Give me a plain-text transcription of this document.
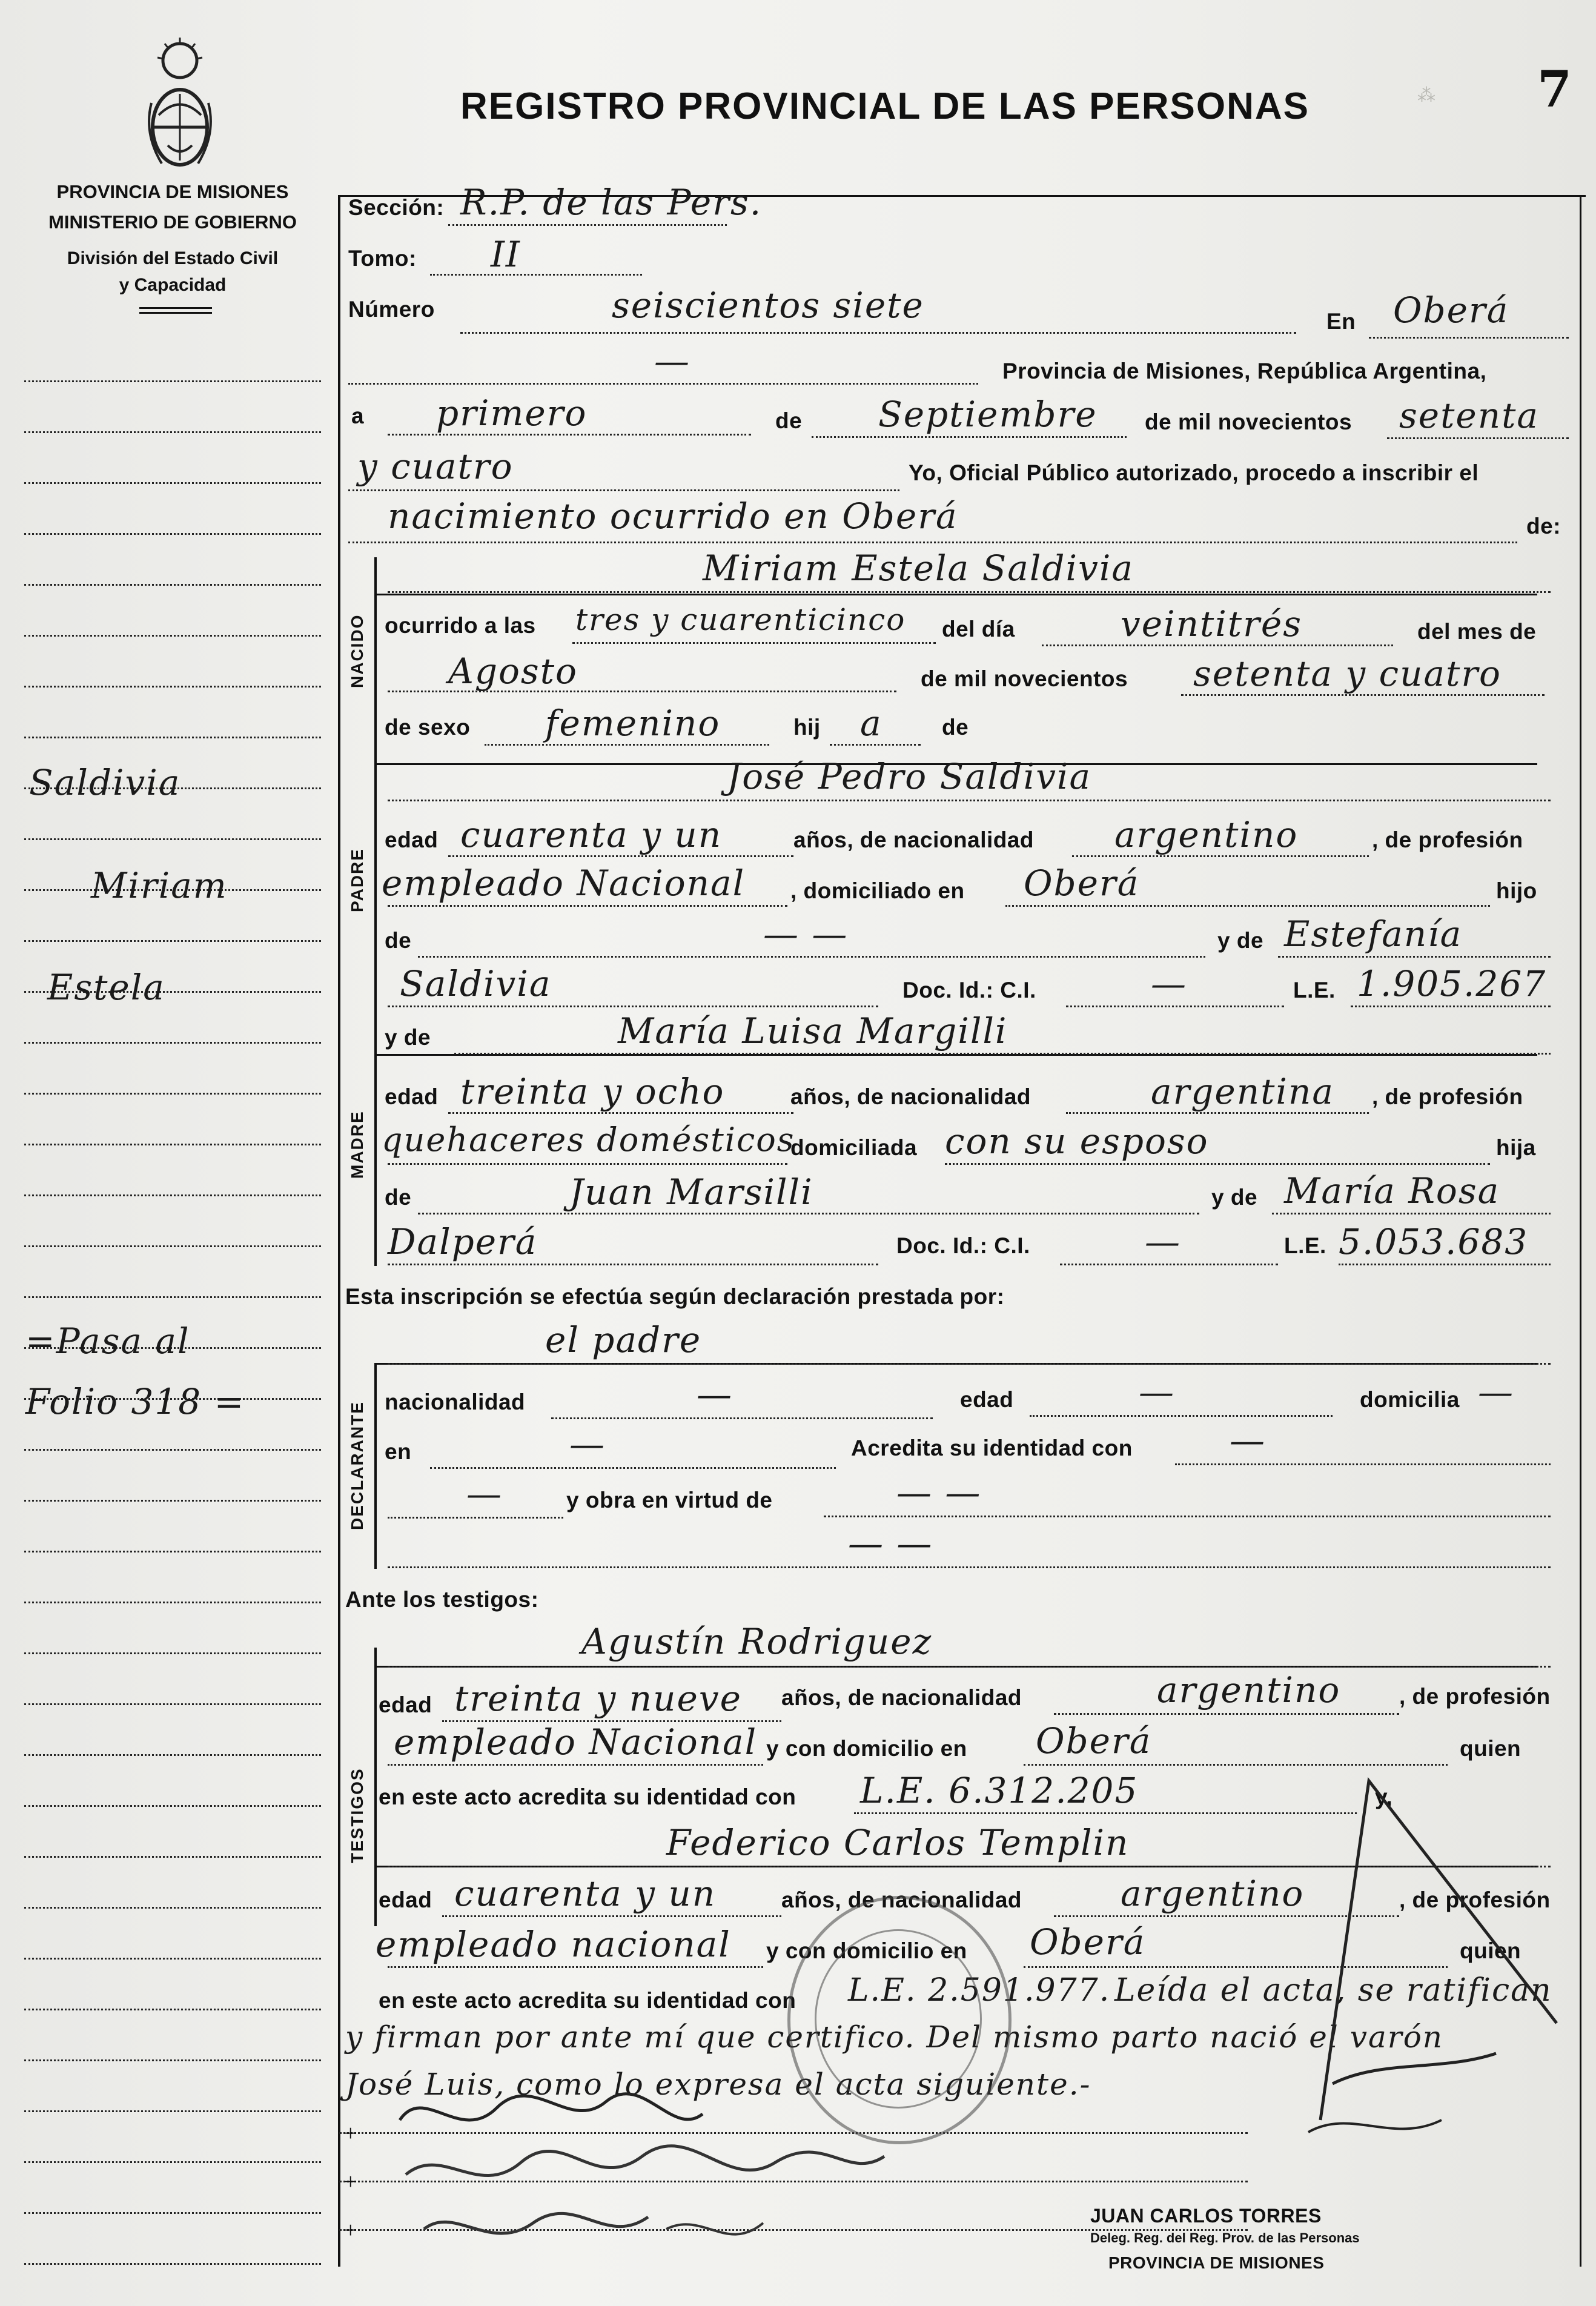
⁂
PROVINCIA DE MISIONES
MINISTERIO DE GOBIERNO
División del Estado Civil
y Capacidad
REGISTRO PROVINCIAL DE LAS PERSONAS	7
Saldivia
Miriam
Estela
=Pasa al
Folio 318 =
NACIDO
PADRE
MADRE
DECLARANTE
TESTIGOS
Sección: R.P. de las Pers.
Tomo: II
Número	seiscientos siete	En Oberá
—	Provincia de Misiones, República Argentina,
a primero	de Septiembre de mil novecientos setenta
y cuatro	Yo, Oficial Público autorizado, procedo a inscribir el
nacimiento ocurrido en Oberá	de:
Miriam Estela Saldivia
ocurrido a las tres y cuarenticinco del día	veintitrés	del mes de
Agosto	de mil novecientos setenta y cuatro
de sexo femenino	hij a	de
José Pedro Saldivia
edad cuarenta y un	años, de nacionalidad argentino	, de profesión
empleado Nacional , domiciliado en Oberá	hijo
de	— —	y de Estefanía
Saldivia	Doc. Id.: C.I.	—	L.E. 1.905.267
y de	María Luisa Margilli
edad treinta y ocho	años, de nacionalidad	argentina , de profesión
quehaceres domésticos
domiciliada con su esposo	hija
de	Juan Marsilli	y de María Rosa
Dalperá	Doc. Id.: C.I.	—	L.E. 5.053.683
Esta inscripción se efectúa según declaración prestada por:
el padre
nacionalidad	—	edad	—	domicilia —
en	—	Acredita su identidad con	—
—	y obra en virtud de	— —
— —
Ante los testigos:
Agustín Rodriguez
edad treinta y nueve años, de nacionalidad	argentino	, de profesión
empleado Nacional y con domicilio en Oberá	quien
en este acto acredita su identidad con L.E. 6.312.205	y,
Federico Carlos Templin
edad cuarenta y un	años, de nacionalidad	argentino	, de profesión
empleado nacional y con domicilio en Oberá	quien
en este acto acredita su identidad con L.E. 2.591.977. Leída el acta, se ratifican
y firman por ante mí que certifico. Del mismo parto nació el varón
José Luis, como lo expresa el acta siguiente.-
+
+
+
JUAN CARLOS TORRES
Deleg. Reg. del Reg. Prov. de las Personas
PROVINCIA DE MISIONES
